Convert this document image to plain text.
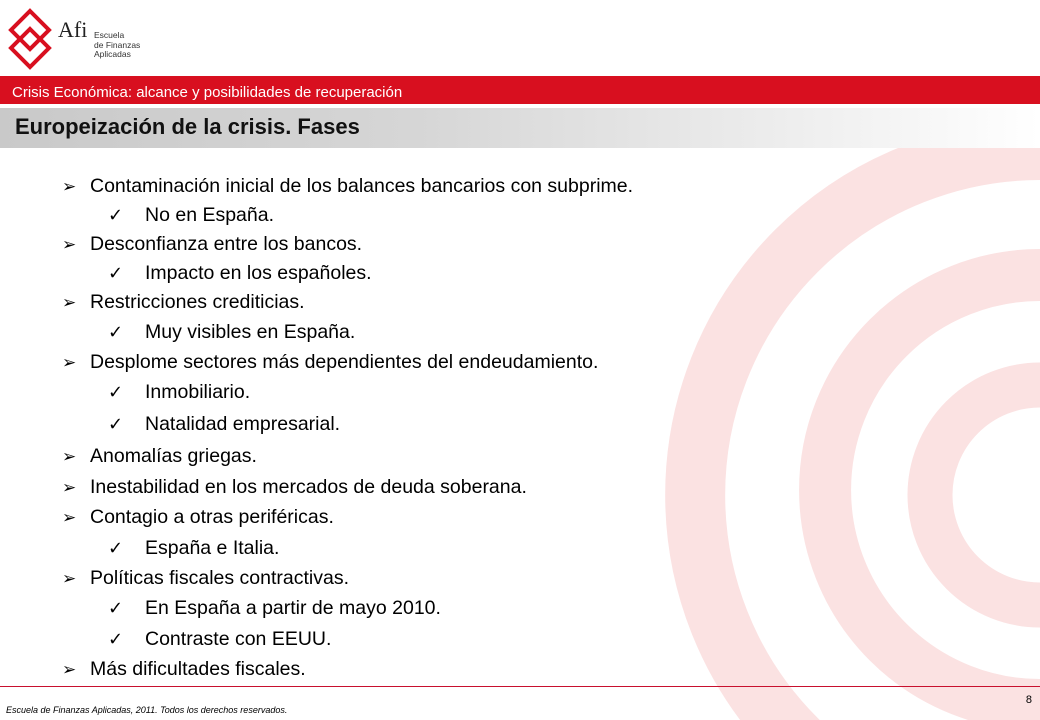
Afi Escuela
de Finanzas
Aplicadas
Crisis Económica: alcance y posibilidades de recuperación
Europeización de la crisis. Fases
➢ Contaminación inicial de los balances bancarios con subprime.
✓ No en España.
➢ Desconfianza entre los bancos.
✓ Impacto en los españoles.
➢ Restricciones crediticias.
✓ Muy visibles en España.
➢ Desplome sectores más dependientes del endeudamiento.
✓ Inmobiliario.
✓ Natalidad empresarial.
➢ Anomalías griegas.
➢ Inestabilidad en los mercados de deuda soberana.
➢ Contagio a otras periféricas.
✓ España e Italia.
➢ Políticas fiscales contractivas.
✓ En España a partir de mayo 2010.
✓ Contraste con EEUU.
➢ Más dificultades fiscales.
Escuela de Finanzas Aplicadas, 2011. Todos los derechos reservados.
8
